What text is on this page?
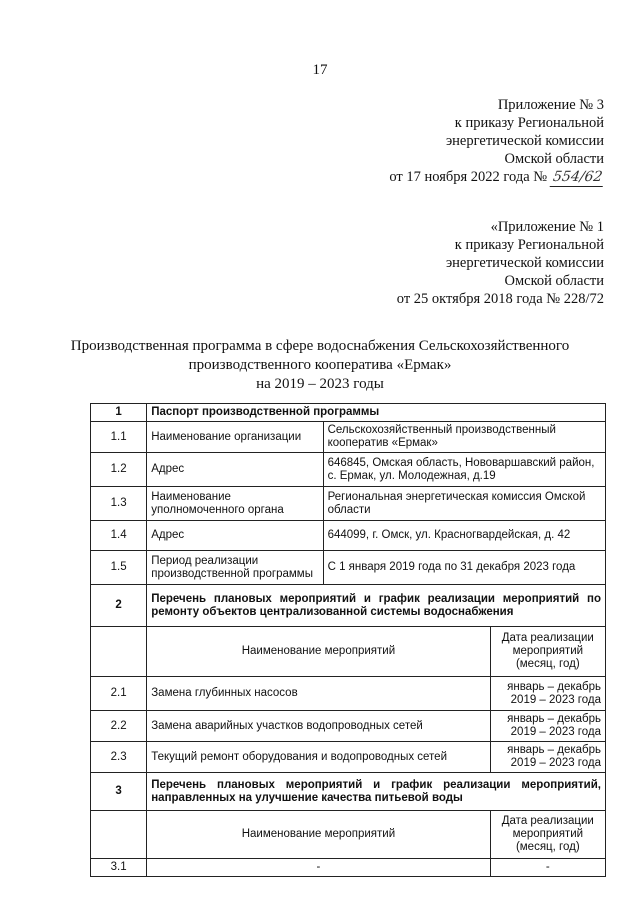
17
Приложение № 3
к приказу Региональной
энергетической комиссии
Омской области
от 17 ноября 2022 года № 554/62
«Приложение № 1
к приказу Региональной
энергетической комиссии
Омской области
от 25 октября 2018 года № 228/72
Производственная программа в сфере водоснабжения Сельскохозяйственного
производственного кооператива «Ермак»
на 2019 – 2023 годы
1	Паспорт производственной программы		
1.1	Наименование организации	Сельскохозяйственный производственный кооператив «Ермак»	
1.2	Адрес	646845, Омская область, Нововаршавский район, с. Ермак, ул. Молодежная, д.19	
1.3	Наименование уполномоченного органа	Региональная энергетическая комиссия Омской области	
1.4	Адрес	644099, г. Омск, ул. Красногвардейская, д. 42	
1.5	Период реализации производственной программы	С 1 января 2019 года по 31 декабря 2023 года	
2	Перечень плановых мероприятий и график реализации мероприятий по ремонту объектов централизованной системы водоснабжения		
	Наименование мероприятий		Дата реализации мероприятий (месяц, год)
2.1	Замена глубинных насосов		январь – декабрь
2019 – 2023 года
2.2	Замена аварийных участков водопроводных сетей		январь – декабрь
2019 – 2023 года
2.3	Текущий ремонт оборудования и водопроводных сетей		январь – декабрь
2019 – 2023 года
3	Перечень плановых мероприятий и график реализации мероприятий, направленных на улучшение качества питьевой воды		
	Наименование мероприятий		Дата реализации мероприятий (месяц, год)
3.1	-		-
